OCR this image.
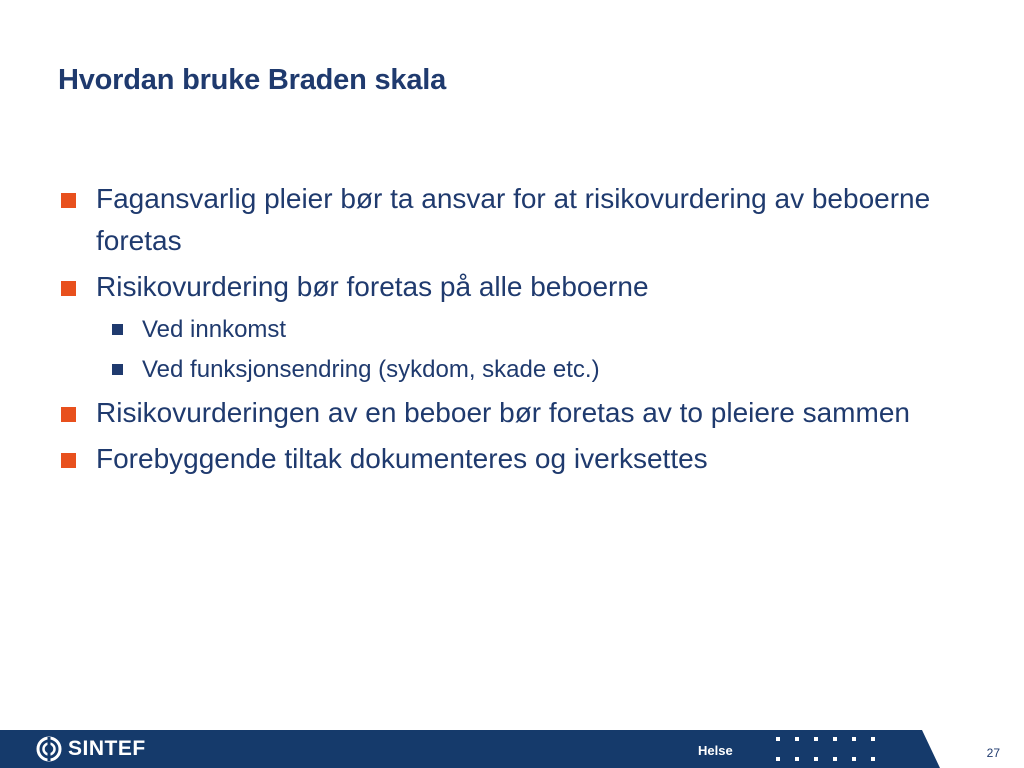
Hvordan bruke Braden skala
Fagansvarlig pleier bør ta ansvar for at risikovurdering av beboerne foretas
Risikovurdering bør foretas på alle beboerne
Ved innkomst
Ved funksjonsendring (sykdom, skade etc.)
Risikovurderingen av en beboer bør foretas av to pleiere sammen
Forebyggende tiltak dokumenteres og iverksettes
SINTEF	Helse	27
